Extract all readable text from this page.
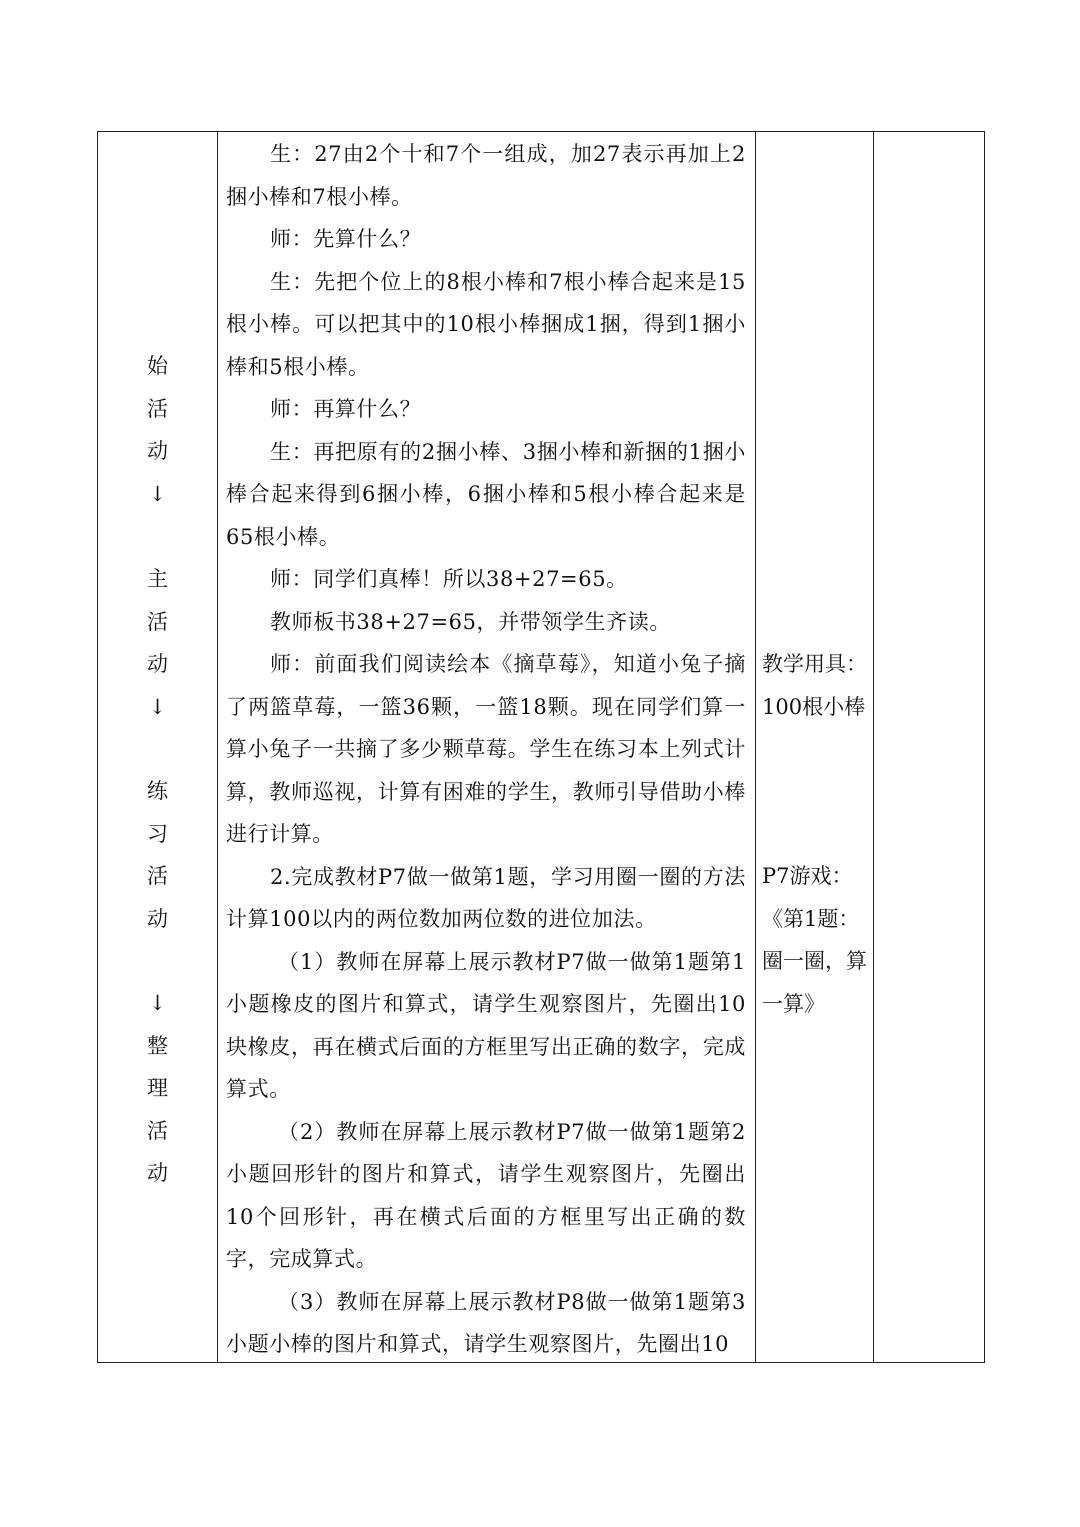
始
活
动
↓
主
活
动
↓
练
习
活
动
↓
整
理
活
动

生：27由2个十和7个一组成，加27表示再加上2捆小棒和7根小棒。

师：先算什么？

生：先把个位上的8根小棒和7根小棒合起来是15根小棒。可以把其中的10根小棒捆成1捆，得到1捆小棒和5根小棒。

师：再算什么？

生：再把原有的2捆小棒、3捆小棒和新捆的1捆小棒合起来得到6捆小棒，6捆小棒和5根小棒合起来是65根小棒。

师：同学们真棒！所以38+27=65。

教师板书38+27=65，并带领学生齐读。

师：前面我们阅读绘本《摘草莓》，知道小兔子摘了两篮草莓，一篮36颗，一篮18颗。现在同学们算一算小兔子一共摘了多少颗草莓。学生在练习本上列式计算，教师巡视，计算有困难的学生，教师引导借助小棒进行计算。

2.完成教材P7做一做第1题，学习用圈一圈的方法计算100以内的两位数加两位数的进位加法。

（1）教师在屏幕上展示教材P7做一做第1题第1小题橡皮的图片和算式，请学生观察图片，先圈出10块橡皮，再在横式后面的方框里写出正确的数字，完成算式。

（2）教师在屏幕上展示教材P7做一做第1题第2小题回形针的图片和算式，请学生观察图片，先圈出10个回形针，再在横式后面的方框里写出正确的数字，完成算式。

（3）教师在屏幕上展示教材P8做一做第1题第3小题小棒的图片和算式，请学生观察图片，先圈出10

教学用具：

100根小棒

P7游戏：

《第1题：

圈一圈，算

一算》
